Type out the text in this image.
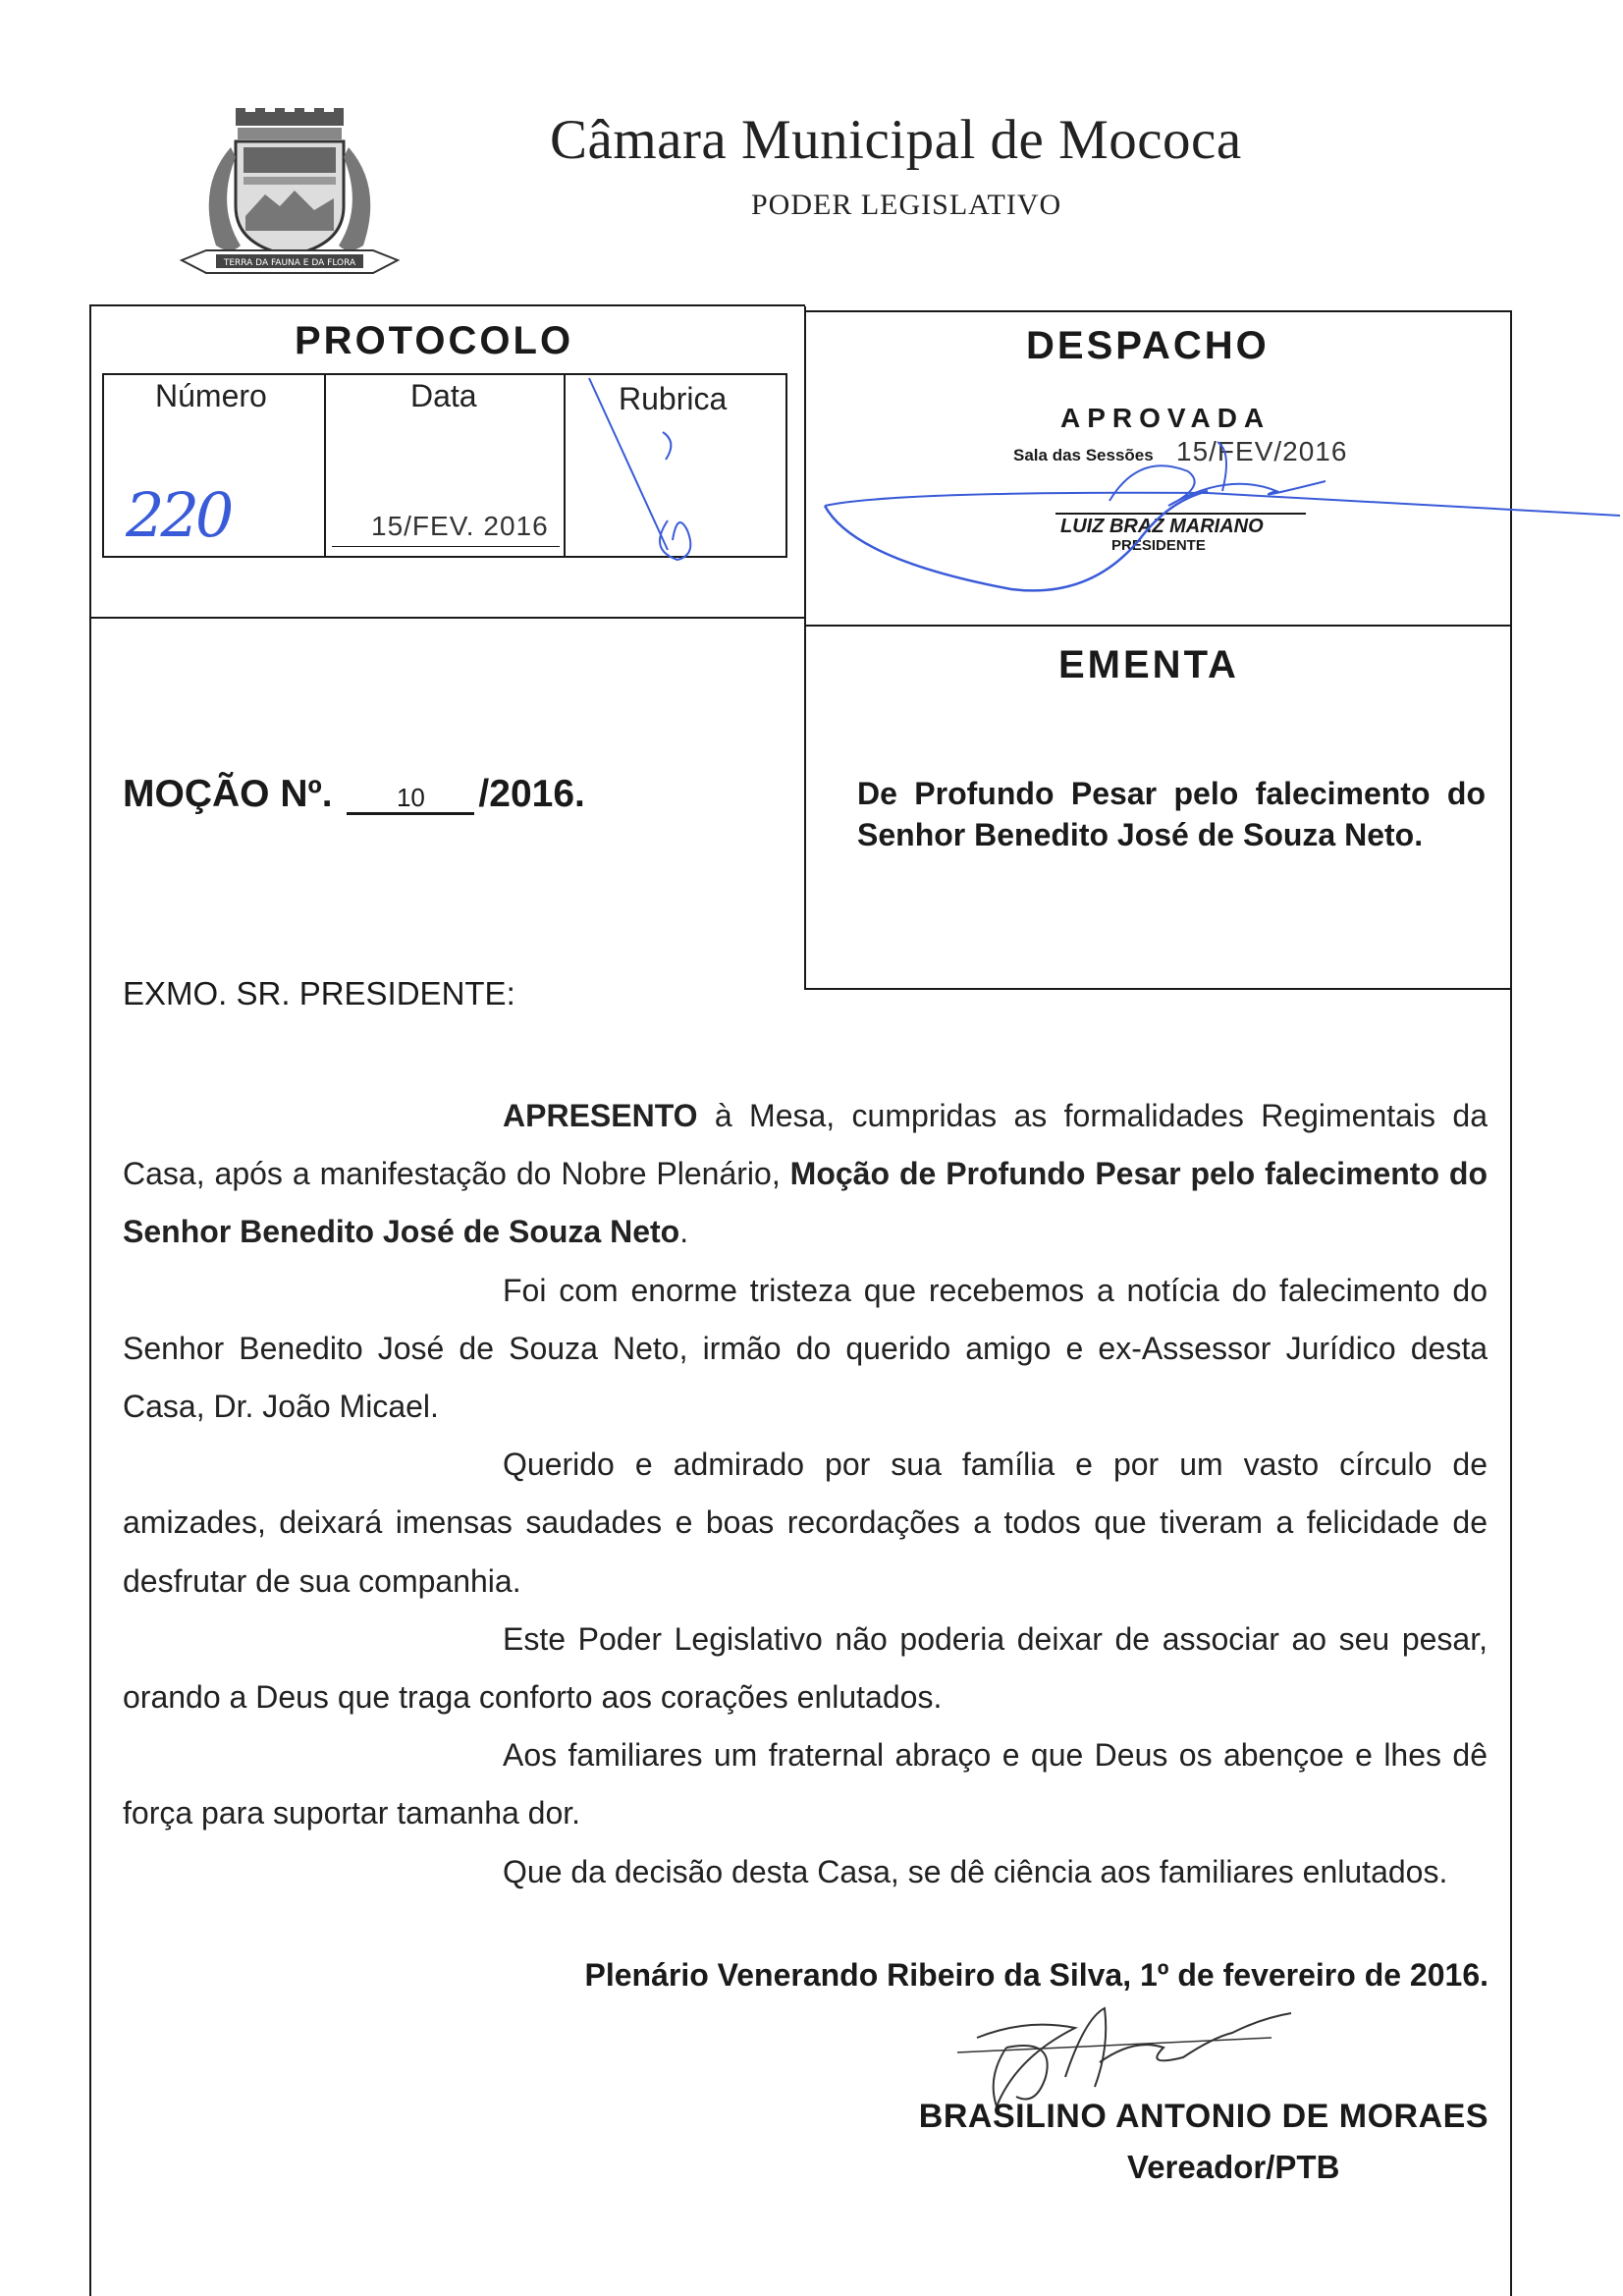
TERRA DA FAUNA E DA FLORA
Câmara Municipal de Mococa
PODER LEGISLATIVO
PROTOCOLO
Número	Data	Rubrica
220	15/FEV. 2016
DESPACHO
APROVADA
Sala das Sessões 15/FEV/2016
LUIZ BRAZ MARIANO
PRESIDENTE
EMENTA
De Profundo Pesar pelo falecimento do Senhor Benedito José de Souza Neto.
MOÇÃO Nº.	10 /2016.
EXMO. SR. PRESIDENTE:

APRESENTO à Mesa, cumpridas as formalidades Regimentais da Casa, após a manifestação do Nobre Plenário, Moção de Profundo Pesar pelo falecimento do Senhor Benedito José de Souza Neto.

Foi com enorme tristeza que recebemos a notícia do falecimento do Senhor Benedito José de Souza Neto, irmão do querido amigo e ex-Assessor Jurídico desta Casa, Dr. João Micael.

Querido e admirado por sua família e por um vasto círculo de amizades, deixará imensas saudades e boas recordações a todos que tiveram a felicidade de desfrutar de sua companhia.

Este Poder Legislativo não poderia deixar de associar ao seu pesar, orando a Deus que traga conforto aos corações enlutados.

Aos familiares um fraternal abraço e que Deus os abençoe e lhes dê força para suportar tamanha dor.

Que da decisão desta Casa, se dê ciência aos familiares enlutados.

Plenário Venerando Ribeiro da Silva, 1º de fevereiro de 2016.
BRASILINO ANTONIO DE MORAES
Vereador/PTB
